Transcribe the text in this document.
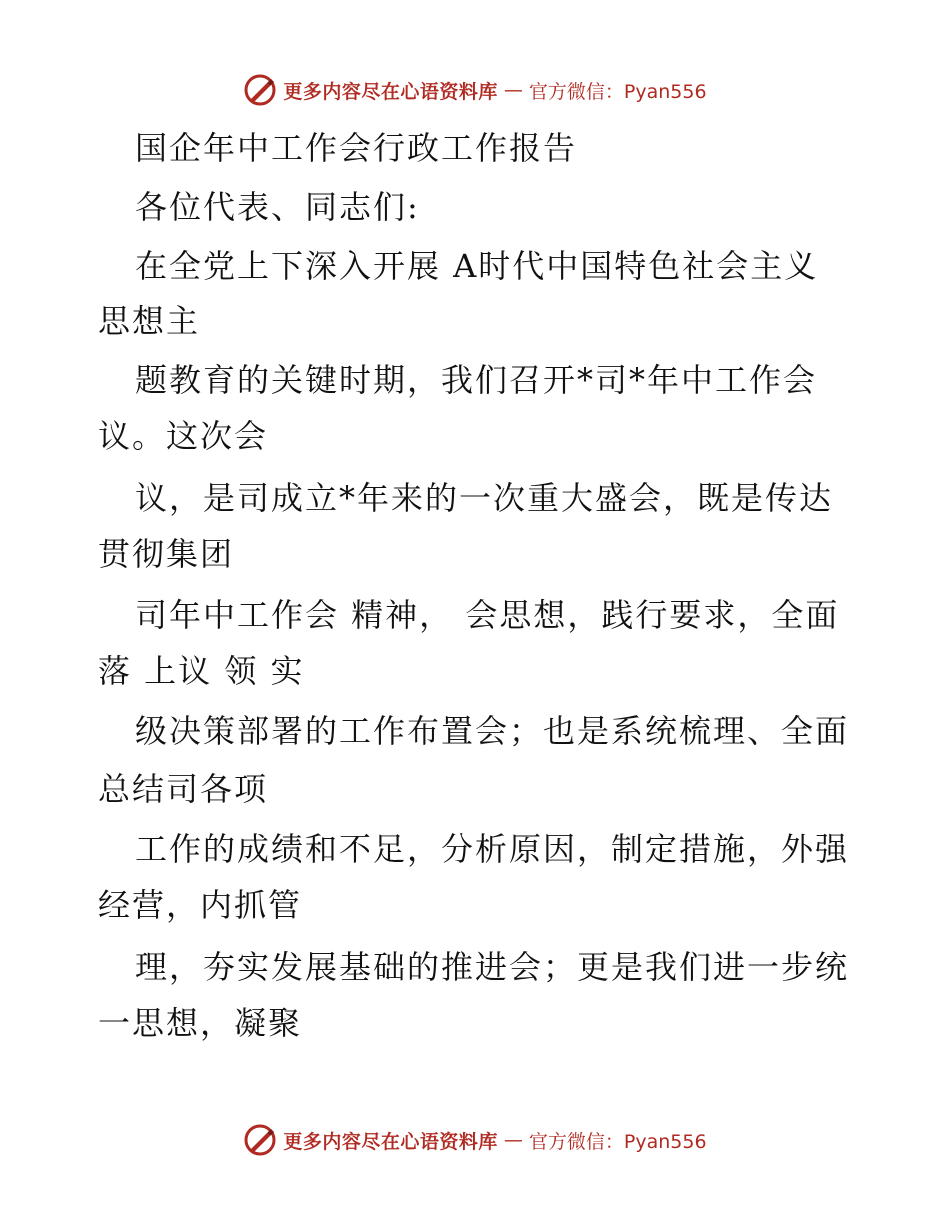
更多内容尽在心语资料库 — 官方微信：Pyan556
国企年中工作会行政工作报告
各位代表、同志们:
在全党上下深入开展 A时代中国特色社会主义
思想主
题教育的关键时期，我们召开*司*年中工作会
议。这次会
议，是司成立*年来的一次重大盛会，既是传达
贯彻集团
司年中工作会 精神， 会思想，践行要求，全面
落 上议 领 实
级决策部署的工作布置会；也是系统梳理、全面
总结司各项
工作的成绩和不足，分析原因，制定措施，外强
经营，内抓管
理，夯实发展基础的推进会；更是我们进一步统
一思想，凝聚
更多内容尽在心语资料库 — 官方微信：Pyan556
